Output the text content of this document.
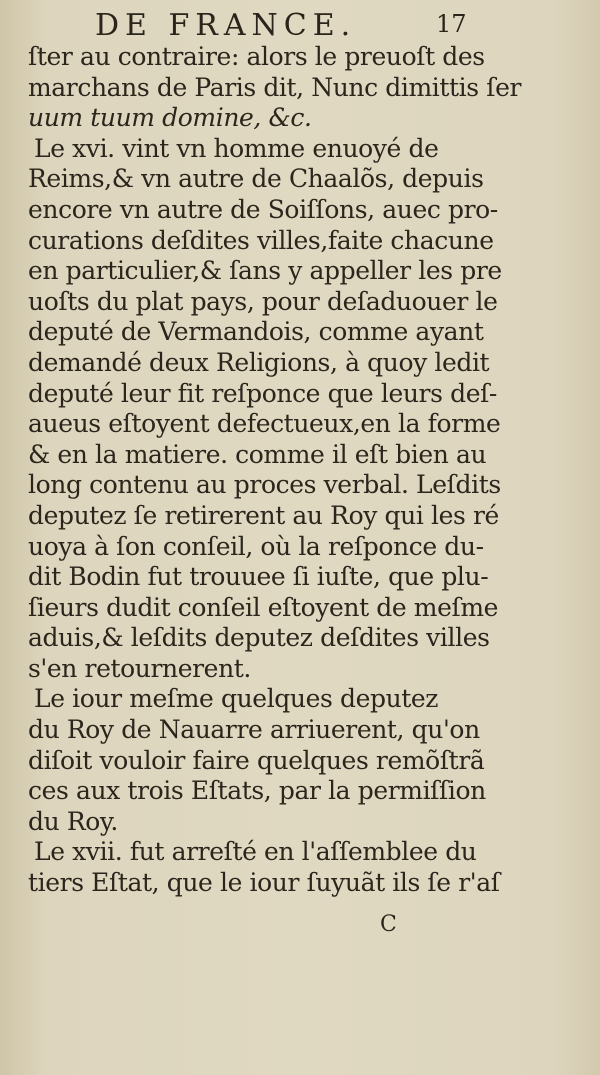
DE FRANCE.	17
ſter au contraire: alors le preuoſt des
marchans de Paris dit, Nunc dimittis ſer
uum tuum domine, &c.
Le xvi. vint vn homme enuoyé de
Reims,& vn autre de Chaalõs, depuis
encore vn autre de Soiſſons, auec pro-
curations deſdites villes,faite chacune
en particulier,& ſans y appeller les pre
uoſts du plat pays, pour deſaduouer le
deputé de Vermandois, comme ayant
demandé deux Religions, à quoy ledit
deputé leur fit reſponce que leurs deſ-
aueus eſtoyent defectueux,en la forme
& en la matiere. comme il eſt bien au
long contenu au proces verbal. Leſdits
deputez ſe retirerent au Roy qui les ré
uoya à ſon conſeil, où la reſponce du-
dit Bodin fut trouuee ſi iuſte, que plu-
ſieurs dudit conſeil eſtoyent de meſme
aduis,& leſdits deputez deſdites villes
s'en retournerent.
Le iour meſme quelques deputez
du Roy de Nauarre arriuerent, qu'on
diſoit vouloir faire quelques remõſtrã
ces aux trois Eſtats, par la permiſſion
du Roy.
Le xvii. fut arreſté en l'aſſemblee du
tiers Eſtat, que le iour ſuyuãt ils ſe r'aſ
C
